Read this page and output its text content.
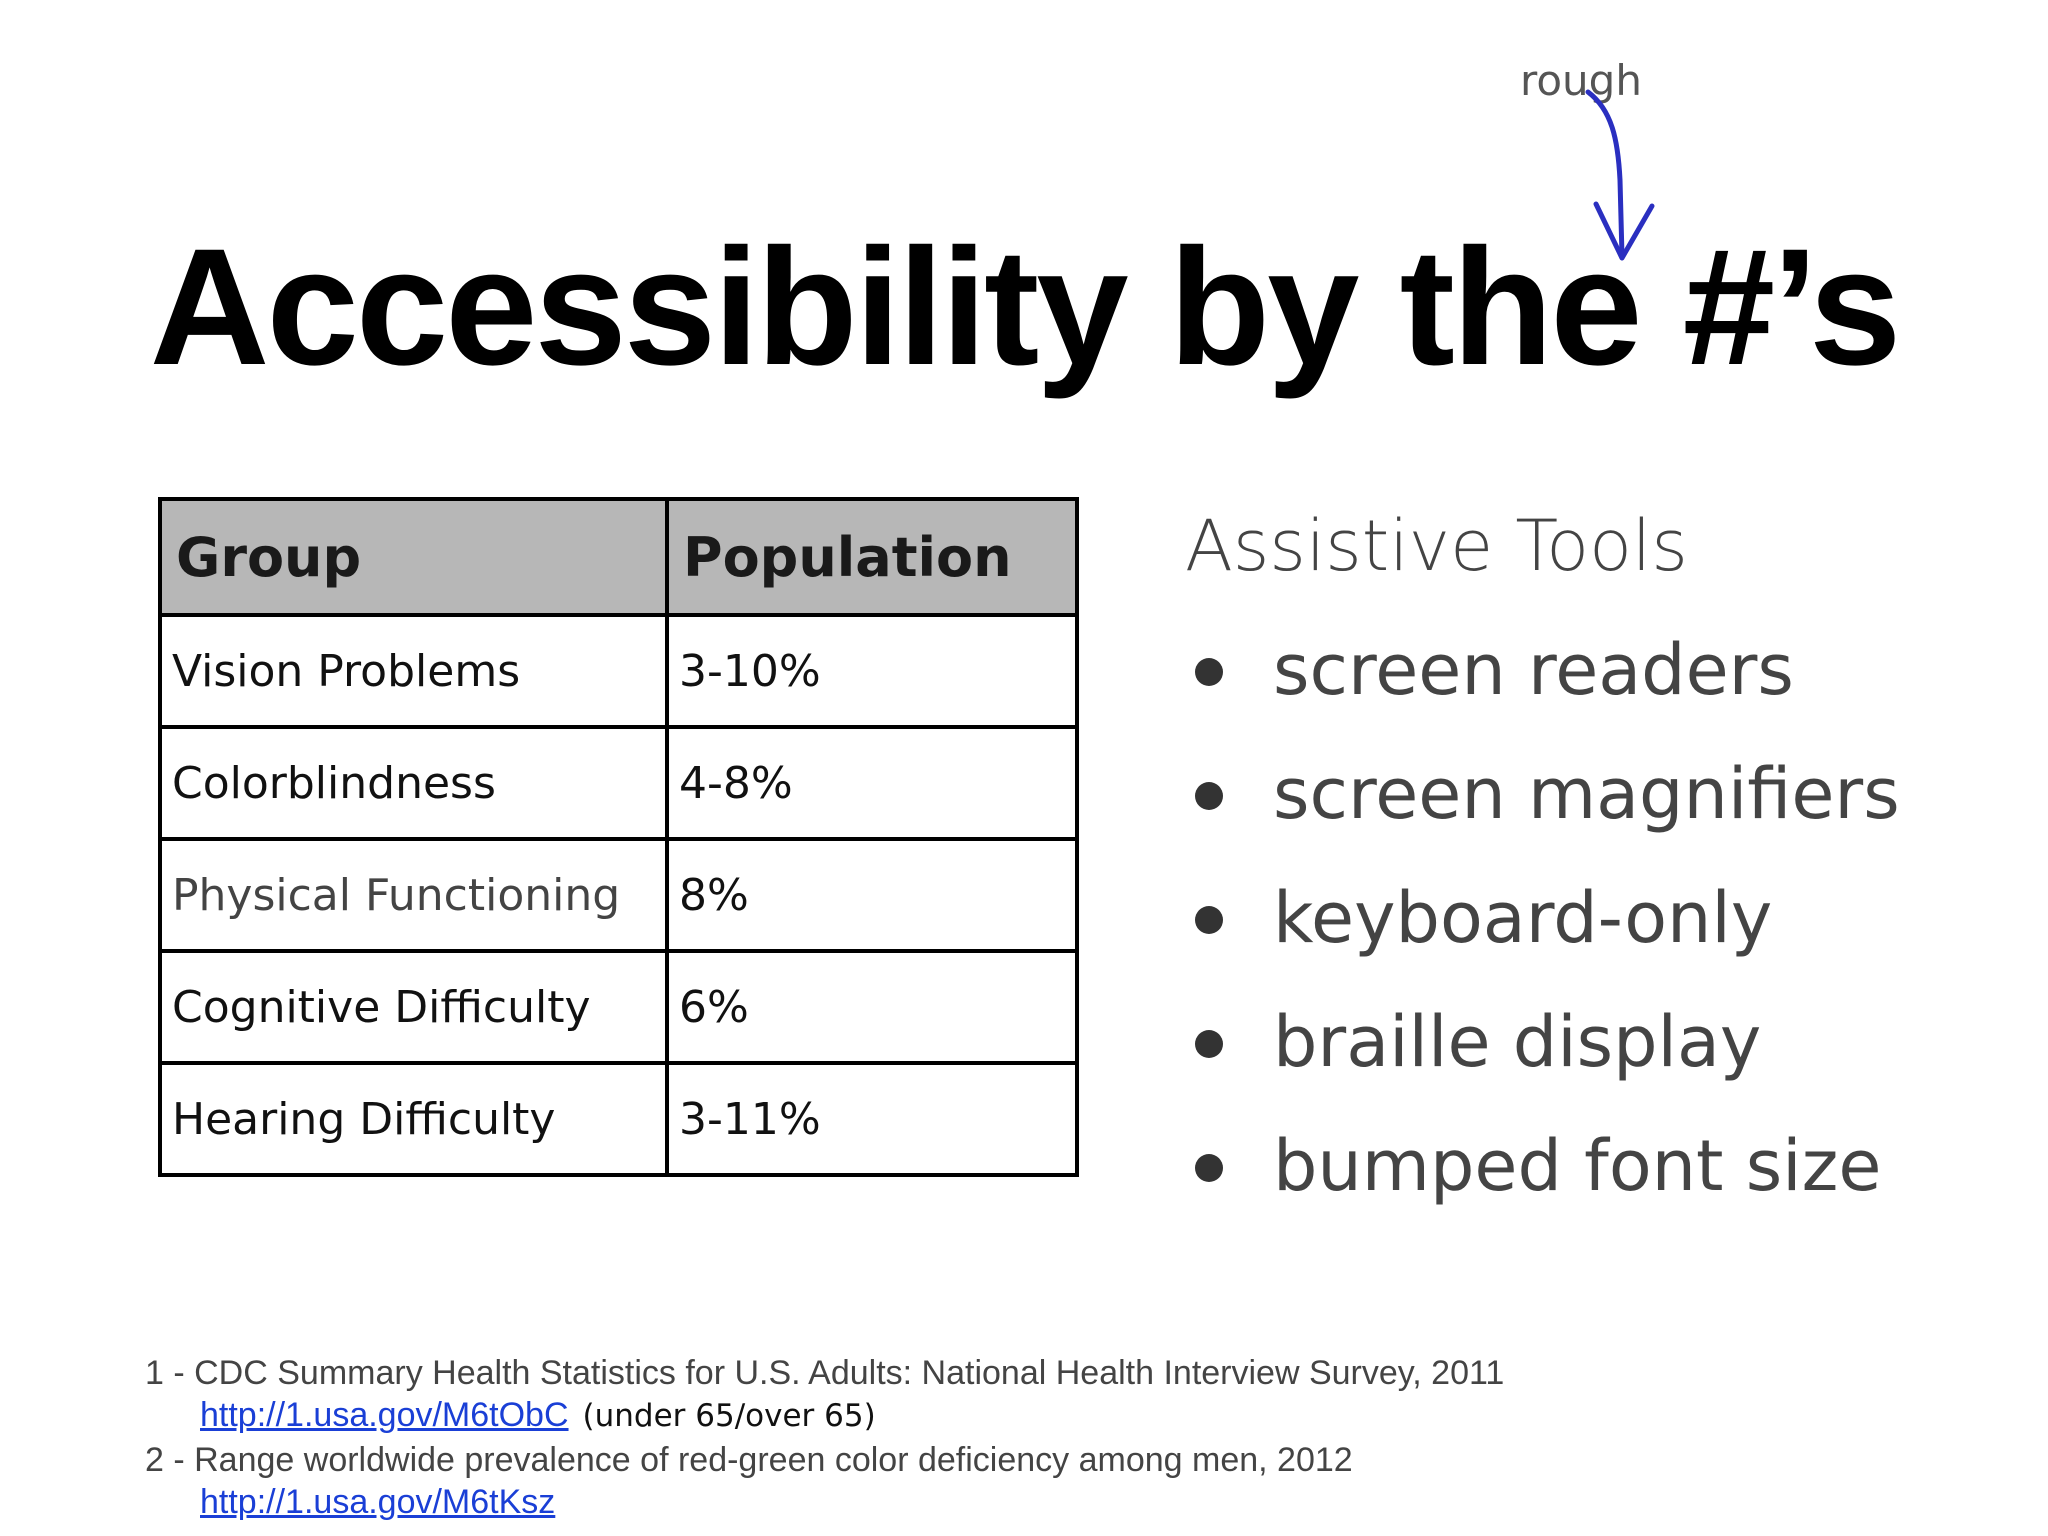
rough
Accessibility by the #’s
Group	Population
Vision Problems	3-10%
Colorblindness	4-8%
Physical Functioning	8%
Cognitive Difficulty	6%
Hearing Difficulty	3-11%
Assistive Tools
screen readers
screen magnifiers
keyboard-only
braille display
bumped font size
1 - CDC Summary Health Statistics for U.S. Adults: National Health Interview Survey, 2011
http://1.usa.gov/M6tObC (under 65/over 65)
2 - Range worldwide prevalence of red-green color deficiency among men, 2012
http://1.usa.gov/M6tKsz
